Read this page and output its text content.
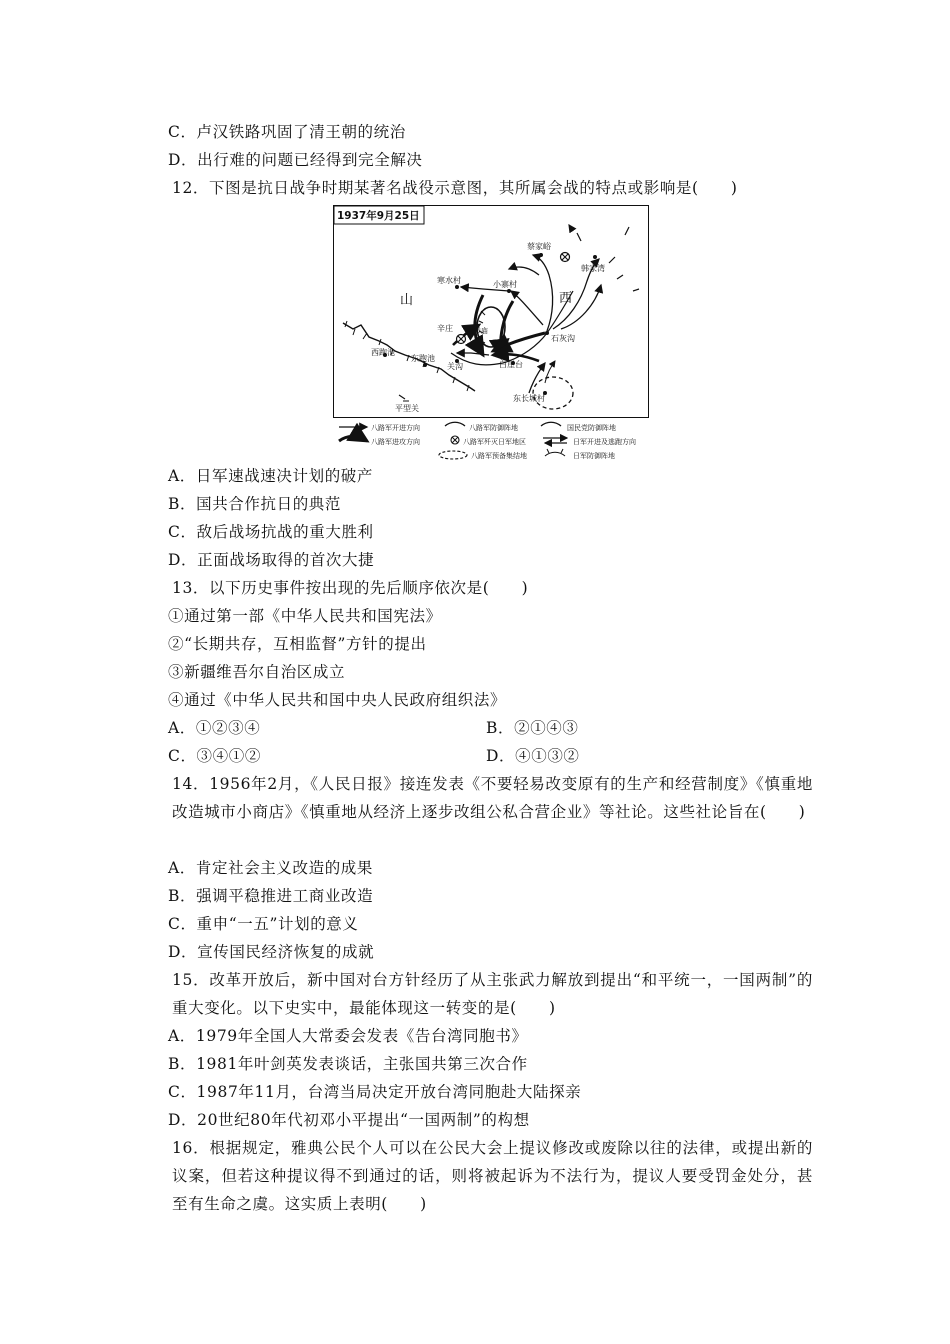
C．卢汉铁路巩固了清王朝的统治
D．出行难的问题已经得到完全解决
12．下图是抗日战争时期某著名战役示意图，其所属会战的特点或影响是(　　)
1937年9月25日
山	西
蔡家峪
韩家湾
寒水村	小寨村
辛庄 老爷庙
石灰沟
西跑池
东跑池
关沟	白崖台
东长城村
平型关
八路军开进方向	八路军防御阵地	国民党防御阵地
八路军进攻方向	八路军歼灭日军地区	日军开进及逃跑方向
八路军预备集结地	日军防御阵地
A．日军速战速决计划的破产
B．国共合作抗日的典范
C．敌后战场抗战的重大胜利
D．正面战场取得的首次大捷
13．以下历史事件按出现的先后顺序依次是(　　)
①通过第一部《中华人民共和国宪法》
②“长期共存，互相监督”方针的提出
③新疆维吾尔自治区成立
④通过《中华人民共和国中央人民政府组织法》
A．①②③④	B．②①④③
C．③④①②	D．④①③②
14．1956年2月，《人民日报》接连发表《不要轻易改变原有的生产和经营制度》《慎重地改造城市小商店》《慎重地从经济上逐步改组公私合营企业》等社论。这些社论旨在(　　)
A．肯定社会主义改造的成果
B．强调平稳推进工商业改造
C．重申“一五”计划的意义
D．宣传国民经济恢复的成就
15．改革开放后，新中国对台方针经历了从主张武力解放到提出“和平统一，一国两制”的重大变化。以下史实中，最能体现这一转变的是(　　)
A．1979年全国人大常委会发表《告台湾同胞书》
B．1981年叶剑英发表谈话，主张国共第三次合作
C．1987年11月，台湾当局决定开放台湾同胞赴大陆探亲
D．20世纪80年代初邓小平提出“一国两制”的构想
16．根据规定，雅典公民个人可以在公民大会上提议修改或废除以往的法律，或提出新的议案，但若这种提议得不到通过的话，则将被起诉为不法行为，提议人要受罚金处分，甚至有生命之虞。这实质上表明(　　)
